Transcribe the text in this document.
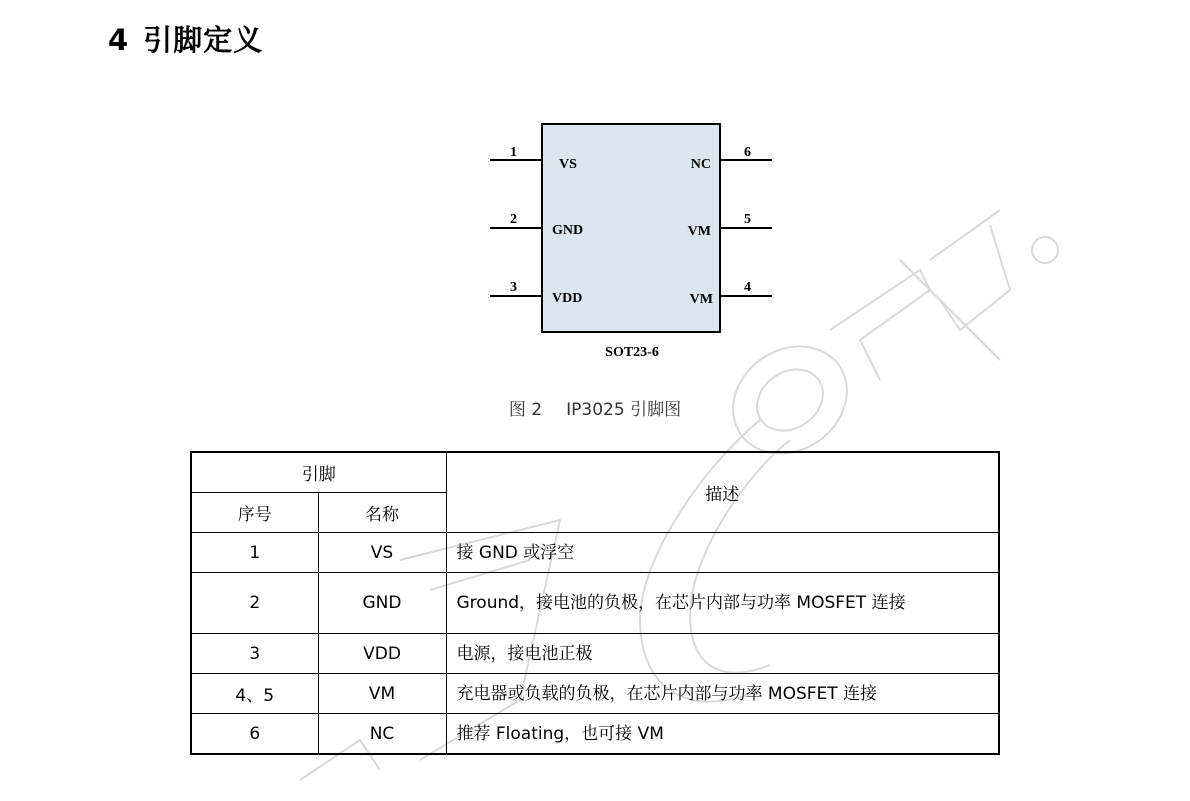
4 引脚定义
1
2
3
VS
GND
VDD
NC
VM
VM
6
5
4
SOT23-6
图 2 IP3025 引脚图
引脚		描述
序号	名称	
1	VS	接 GND 或浮空
2	GND	Ground，接电池的负极，在芯片内部与功率 MOSFET 连接
3	VDD	电源，接电池正极
4、5	VM	充电器或负载的负极，在芯片内部与功率 MOSFET 连接
6	NC	推荐 Floating，也可接 VM
